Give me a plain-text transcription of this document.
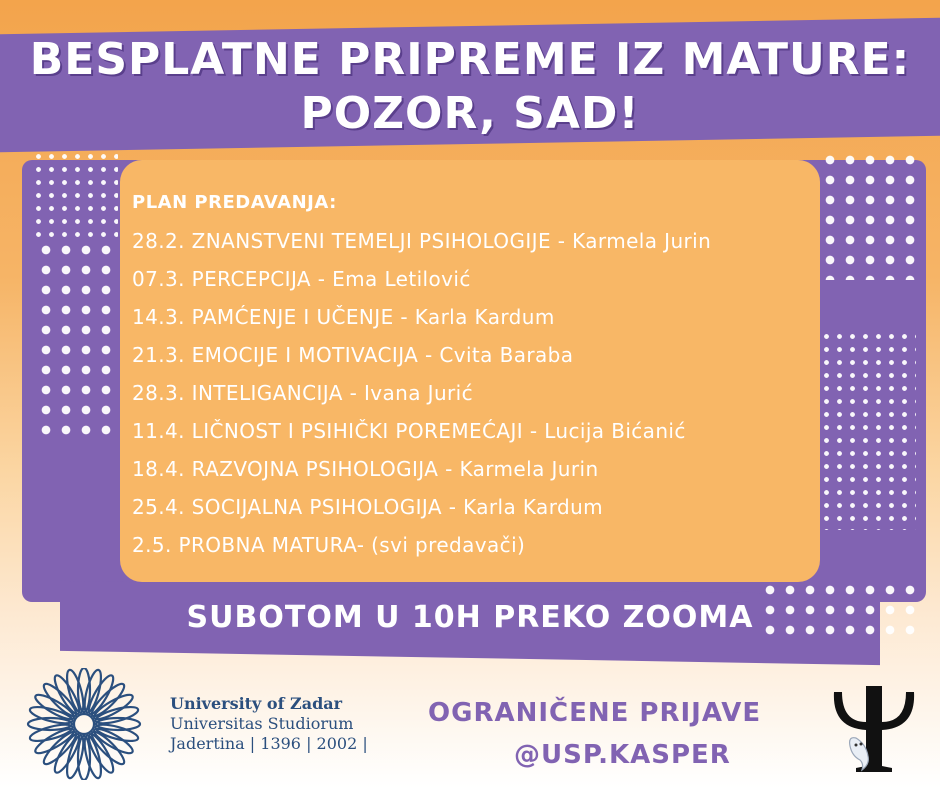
BESPLATNE PRIPREME IZ MATURE:
POZOR, SAD!
PLAN PREDAVANJA:
28.2. ZNANSTVENI TEMELJI PSIHOLOGIJE - Karmela Jurin
07.3. PERCEPCIJA - Ema Letilović
14.3. PAMĆENJE I UČENJE - Karla Kardum
21.3. EMOCIJE I MOTIVACIJA - Cvita Baraba
28.3. INTELIGANCIJA - Ivana Jurić
11.4. LIČNOST I PSIHIČKI POREMEĆAJI - Lucija Bićanić
18.4. RAZVOJNA PSIHOLOGIJA - Karmela Jurin
25.4. SOCIJALNA PSIHOLOGIJA - Karla Kardum
2.5. PROBNA MATURA- (svi predavači)
SUBOTOM U 10H PREKO ZOOMA
University of Zadar
Universitas Studiorum
Jadertina | 1396 | 2002 |
OGRANIČENE PRIJAVE
@USP.KASPER
